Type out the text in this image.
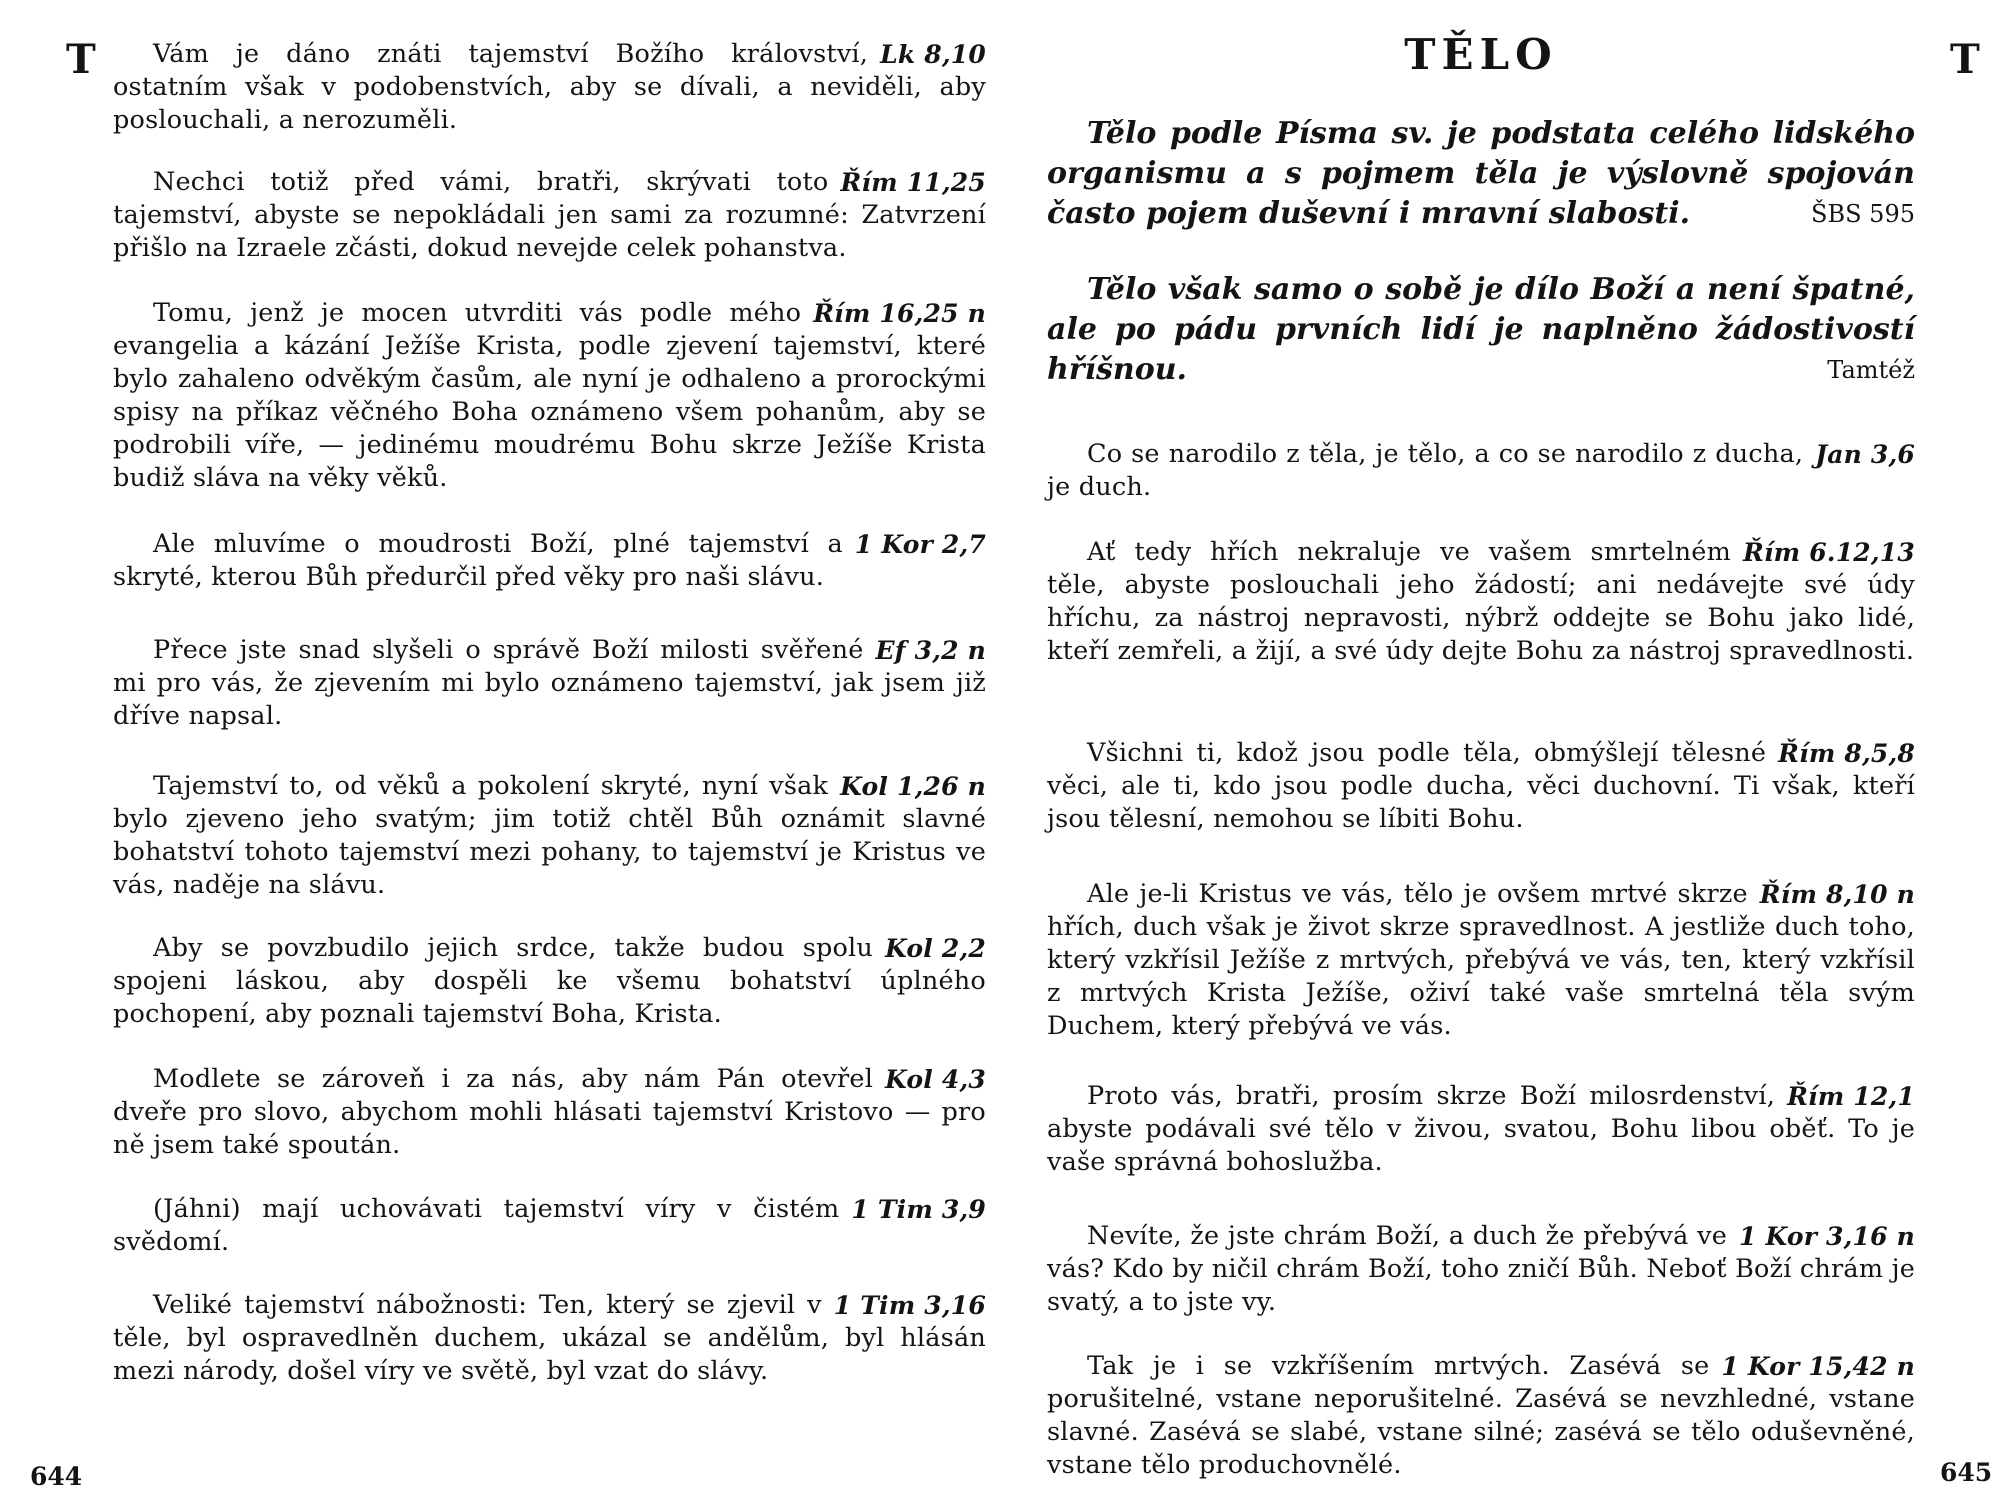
T
644

Lk 8,10
Vám je dáno znáti tajemství Božího království, ostatním však v podobenstvích, aby se dívali, a neviděli, aby poslouchali, a nerozuměli.

Řím 11,25
Nechci totiž před vámi, bratři, skrývati toto tajemství, abyste se nepokládali jen sami za rozumné: Zatvrzení přišlo na Izraele zčásti, dokud nevejde celek pohanstva.

Řím 16,25 n
Tomu, jenž je mocen utvrditi vás podle mého evangelia a kázání Ježíše Krista, podle zjevení tajemství, které bylo zahaleno odvěkým časům, ale nyní je odhaleno a prorockými spisy na příkaz věčného Boha oznámeno všem pohanům, aby se podrobili víře, — jedinému moudrému Bohu skrze Ježíše Krista budiž sláva na věky věků.

1 Kor 2,7
Ale mluvíme o moudrosti Boží, plné tajemství a skryté, kterou Bůh předurčil před věky pro naši slávu.

Ef 3,2 n
Přece jste snad slyšeli o správě Boží milosti svěřené mi pro vás, že zjevením mi bylo oznámeno tajemství, jak jsem již dříve napsal.

Kol 1,26 n
Tajemství to, od věků a pokolení skryté, nyní však bylo zjeveno jeho svatým; jim totiž chtěl Bůh oznámit slavné bohatství tohoto tajemství mezi pohany, to tajemství je Kristus ve vás, naděje na slávu.

Kol 2,2
Aby se povzbudilo jejich srdce, takže budou spolu spojeni láskou, aby dospěli ke všemu bohatství úplného pochopení, aby poznali tajemství Boha, Krista.

Kol 4,3
Modlete se zároveň i za nás, aby nám Pán otevřel dveře pro slovo, abychom mohli hlásati tajemství Kristovo — pro ně jsem také spoután.

1 Tim 3,9
(Jáhni) mají uchovávati tajemství víry v čistém svědomí.

1 Tim 3,16
Veliké tajemství nábožnosti: Ten, který se zjevil v těle, byl ospravedlněn duchem, ukázal se andělům, byl hlásán mezi národy, došel víry ve světě, byl vzat do slávy.

T
645
TĚLO

Tělo podle Písma sv. je podstata celého lidského organismu a s pojmem těla je výslovně spojován často pojem duševní i mravní slabosti.	ŠBS 595

Tělo však samo o sobě je dílo Boží a není špatné, ale po pádu prvních lidí je naplněno žádostivostí hříšnou.	Tamtéž

Jan 3,6
Co se narodilo z těla, je tělo, a co se narodilo z ducha, je duch.

Řím 6.12,13
Ať tedy hřích nekraluje ve vašem smrtelném těle, abyste poslouchali jeho žádostí; ani nedávejte své údy hříchu, za nástroj nepravosti, nýbrž oddejte se Bohu jako lidé, kteří zemřeli, a žijí, a své údy dejte Bohu za nástroj spravedlnosti.

Řím 8,5,8
Všichni ti, kdož jsou podle těla, obmýšlejí tělesné věci, ale ti, kdo jsou podle ducha, věci duchovní. Ti však, kteří jsou tělesní, nemohou se líbiti Bohu.

Řím 8,10 n
Ale je-li Kristus ve vás, tělo je ovšem mrtvé skrze hřích, duch však je život skrze spravedlnost. A jestliže duch toho, který vzkřísil Ježíše z mrtvých, přebývá ve vás, ten, který vzkřísil z mrtvých Krista Ježíše, oživí také vaše smrtelná těla svým Duchem, který přebývá ve vás.

Řím 12,1
Proto vás, bratři, prosím skrze Boží milosrdenství, abyste podávali své tělo v živou, svatou, Bohu libou oběť. To je vaše správná bohoslužba.

1 Kor 3,16 n
Nevíte, že jste chrám Boží, a duch že přebývá ve vás? Kdo by ničil chrám Boží, toho zničí Bůh. Neboť Boží chrám je svatý, a to jste vy.

1 Kor 15,42 n
Tak je i se vzkříšením mrtvých. Zasévá se porušitelné, vstane neporušitelné. Zasévá se nevzhledné, vstane slavné. Zasévá se slabé, vstane silné; zasévá se tělo oduševněné, vstane tělo produchovnělé.
